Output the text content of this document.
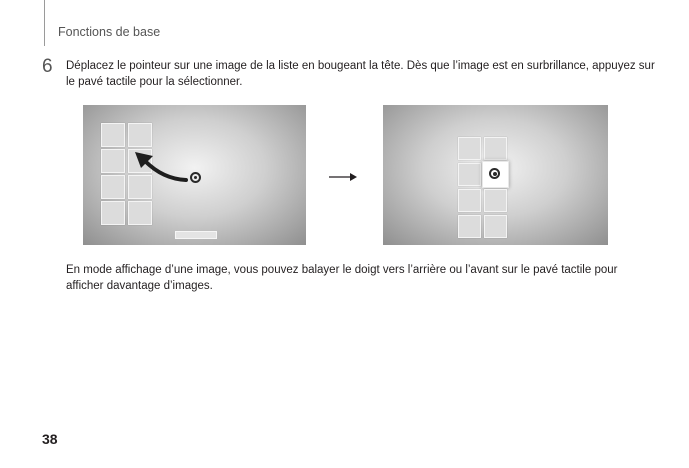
Fonctions de base
6 Déplacez le pointeur sur une image de la liste en bougeant la tête. Dès que l’image est en surbrillance, appuyez sur le pavé tactile pour la sélectionner.
En mode affichage d’une image, vous pouvez balayer le doigt vers l’arrière ou l’avant sur le pavé tactile pour afficher davantage d’images.
38
